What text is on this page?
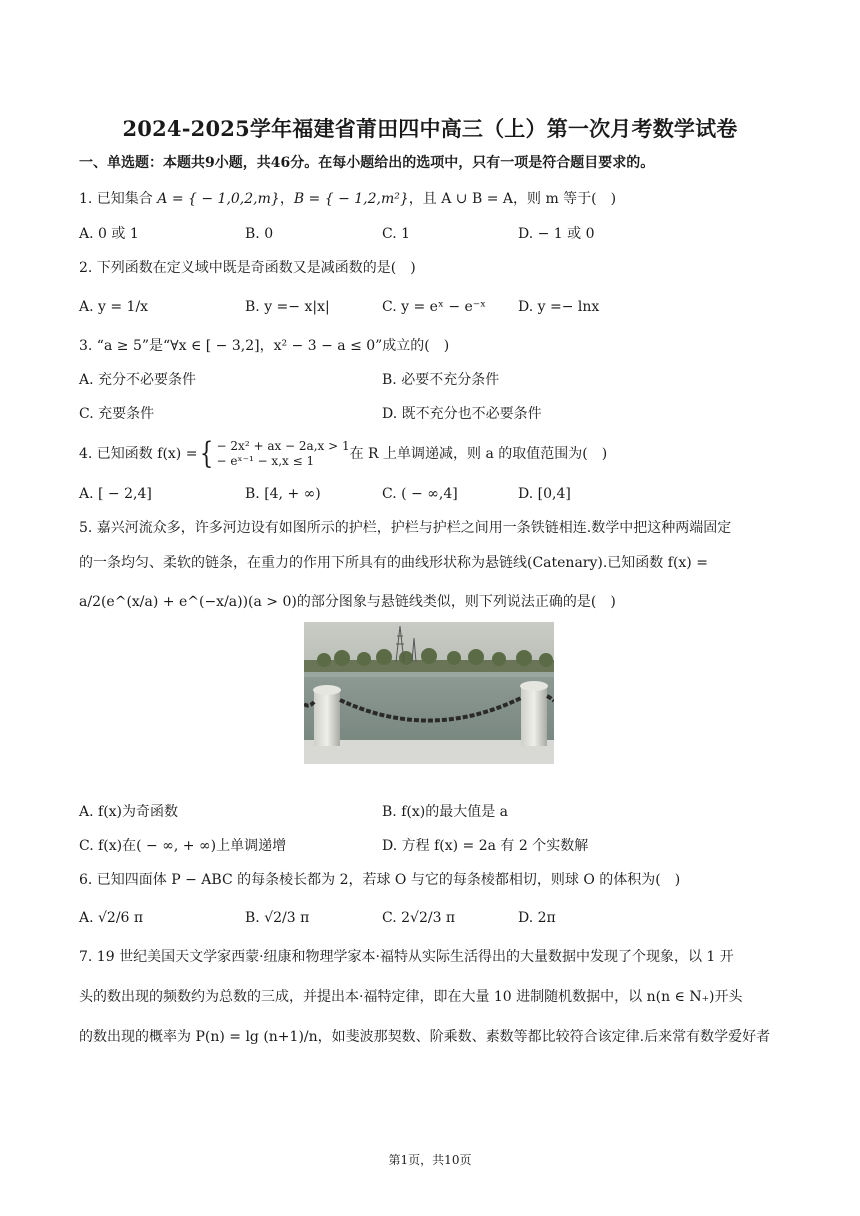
2024-2025学年福建省莆田四中高三（上）第一次月考数学试卷
一、单选题：本题共9小题，共46分。在每小题给出的选项中，只有一项是符合题目要求的。
1. 已知集合 A = { − 1,0,2,m}，B = { − 1,2,m²}，且 A ∪ B = A，则 m 等于(　)
A. 0 或 1	B. 0	C. 1	D. − 1 或 0
2. 下列函数在定义域中既是奇函数又是减函数的是(　)
A. y = 1/x	B. y =− x|x|	C. y = eˣ − e⁻ˣ D. y =− lnx
3. “a ≥ 5”是“∀x ∈ [ − 3,2]，x² − 3 − a ≤ 0”成立的(　)
A. 充分不必要条件	B. 必要不充分条件
C. 充要条件	D. 既不充分也不必要条件
4. 已知函数 f(x) ={ − 2x² + ax − 2a,x > 1
− eˣ⁻¹ − x,x ≤ 1	在 R 上单调递减，则 a 的取值范围为(　)
A. [ − 2,4]	B. [4, + ∞)	C. ( − ∞,4]	D. [0,4]
5. 嘉兴河流众多，许多河边设有如图所示的护栏，护栏与护栏之间用一条铁链相连.数学中把这种两端固定
的一条均匀、柔软的链条，在重力的作用下所具有的曲线形状称为悬链线(Catenary).已知函数 f(x) =
a/2(e^(x/a) + e^(−x/a))(a > 0)的部分图象与悬链线类似，则下列说法正确的是(　)
A. f(x)为奇函数	B. f(x)的最大值是 a
C. f(x)在( − ∞, + ∞)上单调递增	D. 方程 f(x) = 2a 有 2 个实数解
6. 已知四面体 P − ABC 的每条棱长都为 2，若球 O 与它的每条棱都相切，则球 O 的体积为(　)
A. √2/6 π	B. √2/3 π	C. 2√2/3 π	D. 2π
7. 19 世纪美国天文学家西蒙·纽康和物理学家本·福特从实际生活得出的大量数据中发现了个现象，以 1 开
头的数出现的频数约为总数的三成，并提出本·福特定律，即在大量 10 进制随机数据中，以 n(n ∈ N₊)开头
的数出现的概率为 P(n) = lg (n+1)/n，如斐波那契数、阶乘数、素数等都比较符合该定律.后来常有数学爱好者
第1页，共10页
